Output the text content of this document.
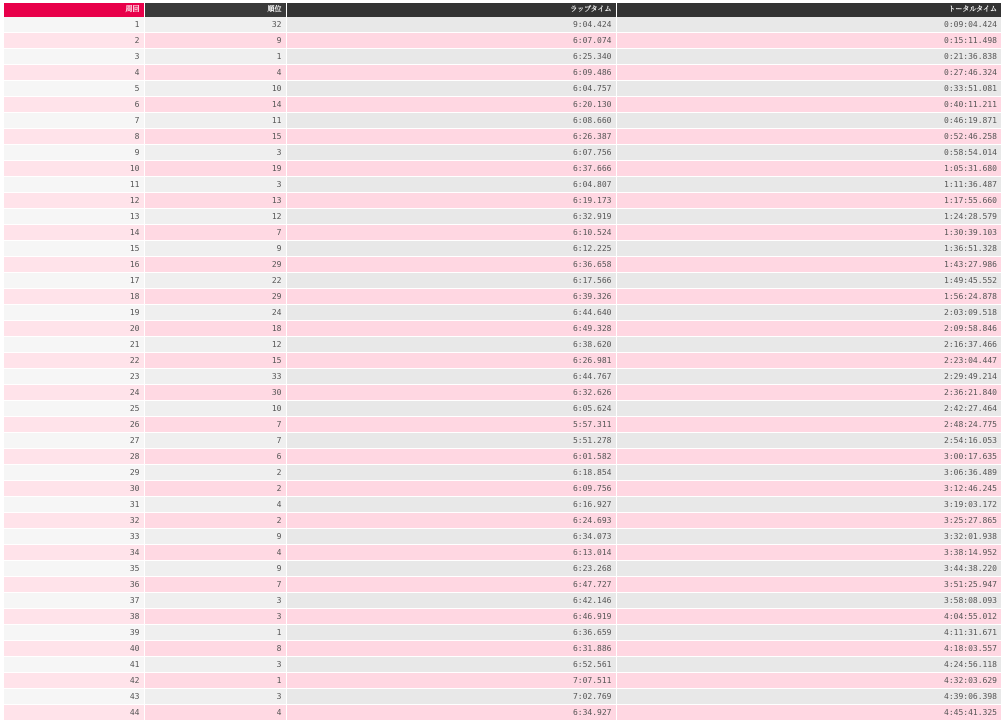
周回	順位	ラップタイム	トータルタイム
1	32	9:04.424	0:09:04.424
2	9	6:07.074	0:15:11.498
3	1	6:25.340	0:21:36.838
4	4	6:09.486	0:27:46.324
5	10	6:04.757	0:33:51.081
6	14	6:20.130	0:40:11.211
7	11	6:08.660	0:46:19.871
8	15	6:26.387	0:52:46.258
9	3	6:07.756	0:58:54.014
10	19	6:37.666	1:05:31.680
11	3	6:04.807	1:11:36.487
12	13	6:19.173	1:17:55.660
13	12	6:32.919	1:24:28.579
14	7	6:10.524	1:30:39.103
15	9	6:12.225	1:36:51.328
16	29	6:36.658	1:43:27.986
17	22	6:17.566	1:49:45.552
18	29	6:39.326	1:56:24.878
19	24	6:44.640	2:03:09.518
20	18	6:49.328	2:09:58.846
21	12	6:38.620	2:16:37.466
22	15	6:26.981	2:23:04.447
23	33	6:44.767	2:29:49.214
24	30	6:32.626	2:36:21.840
25	10	6:05.624	2:42:27.464
26	7	5:57.311	2:48:24.775
27	7	5:51.278	2:54:16.053
28	6	6:01.582	3:00:17.635
29	2	6:18.854	3:06:36.489
30	2	6:09.756	3:12:46.245
31	4	6:16.927	3:19:03.172
32	2	6:24.693	3:25:27.865
33	9	6:34.073	3:32:01.938
34	4	6:13.014	3:38:14.952
35	9	6:23.268	3:44:38.220
36	7	6:47.727	3:51:25.947
37	3	6:42.146	3:58:08.093
38	3	6:46.919	4:04:55.012
39	1	6:36.659	4:11:31.671
40	8	6:31.886	4:18:03.557
41	3	6:52.561	4:24:56.118
42	1	7:07.511	4:32:03.629
43	3	7:02.769	4:39:06.398
44	4	6:34.927	4:45:41.325
